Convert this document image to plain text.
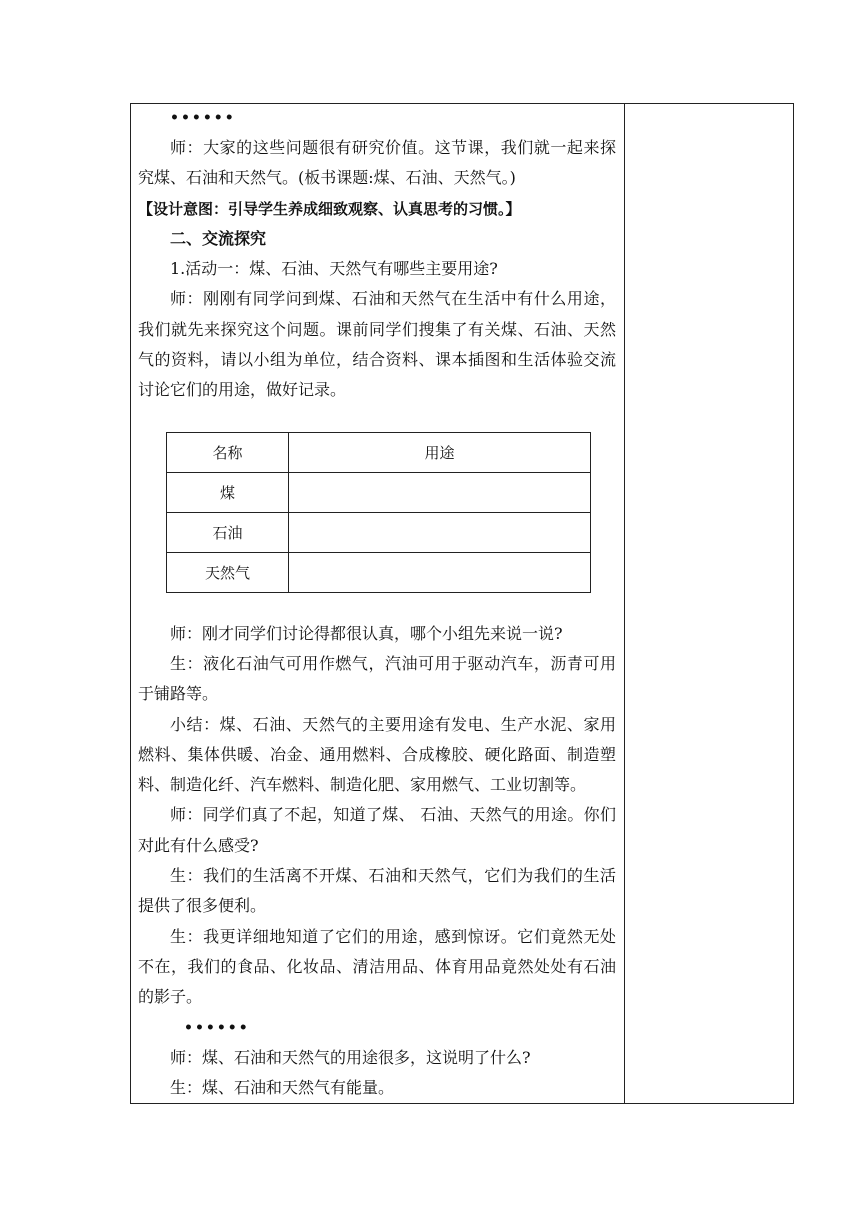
••••••

师：大家的这些问题很有研究价值。这节课，我们就一起来探究煤、石油和天然气。(板书课题:煤、石油、天然气。)

【设计意图：引导学生养成细致观察、认真思考的习惯。】

二、交流探究

1.活动一：煤、石油、天然气有哪些主要用途?

师：刚刚有同学问到煤、石油和天然气在生活中有什么用途，我们就先来探究这个问题。课前同学们搜集了有关煤、石油、天然气的资料，请以小组为单位，结合资料、课本插图和生活体验交流讨论它们的用途，做好记录。

名称	用途
煤	
石油	
天然气	

师：刚才同学们讨论得都很认真，哪个小组先来说一说?

生：液化石油气可用作燃气，汽油可用于驱动汽车，沥青可用于铺路等。

小结：煤、石油、天然气的主要用途有发电、生产水泥、家用燃料、集体供暖、冶金、通用燃料、合成橡胶、硬化路面、制造塑料、制造化纤、汽车燃料、制造化肥、家用燃气、工业切割等。

师：同学们真了不起，知道了煤、 石油、天然气的用途。你们对此有什么感受?

生：我们的生活离不开煤、石油和天然气，它们为我们的生活提供了很多便利。

生：我更详细地知道了它们的用途，感到惊讶。它们竟然无处不在，我们的食品、化妆品、清洁用品、体育用品竟然处处有石油的影子。

••••••

师：煤、石油和天然气的用途很多，这说明了什么?

生：煤、石油和天然气有能量。
